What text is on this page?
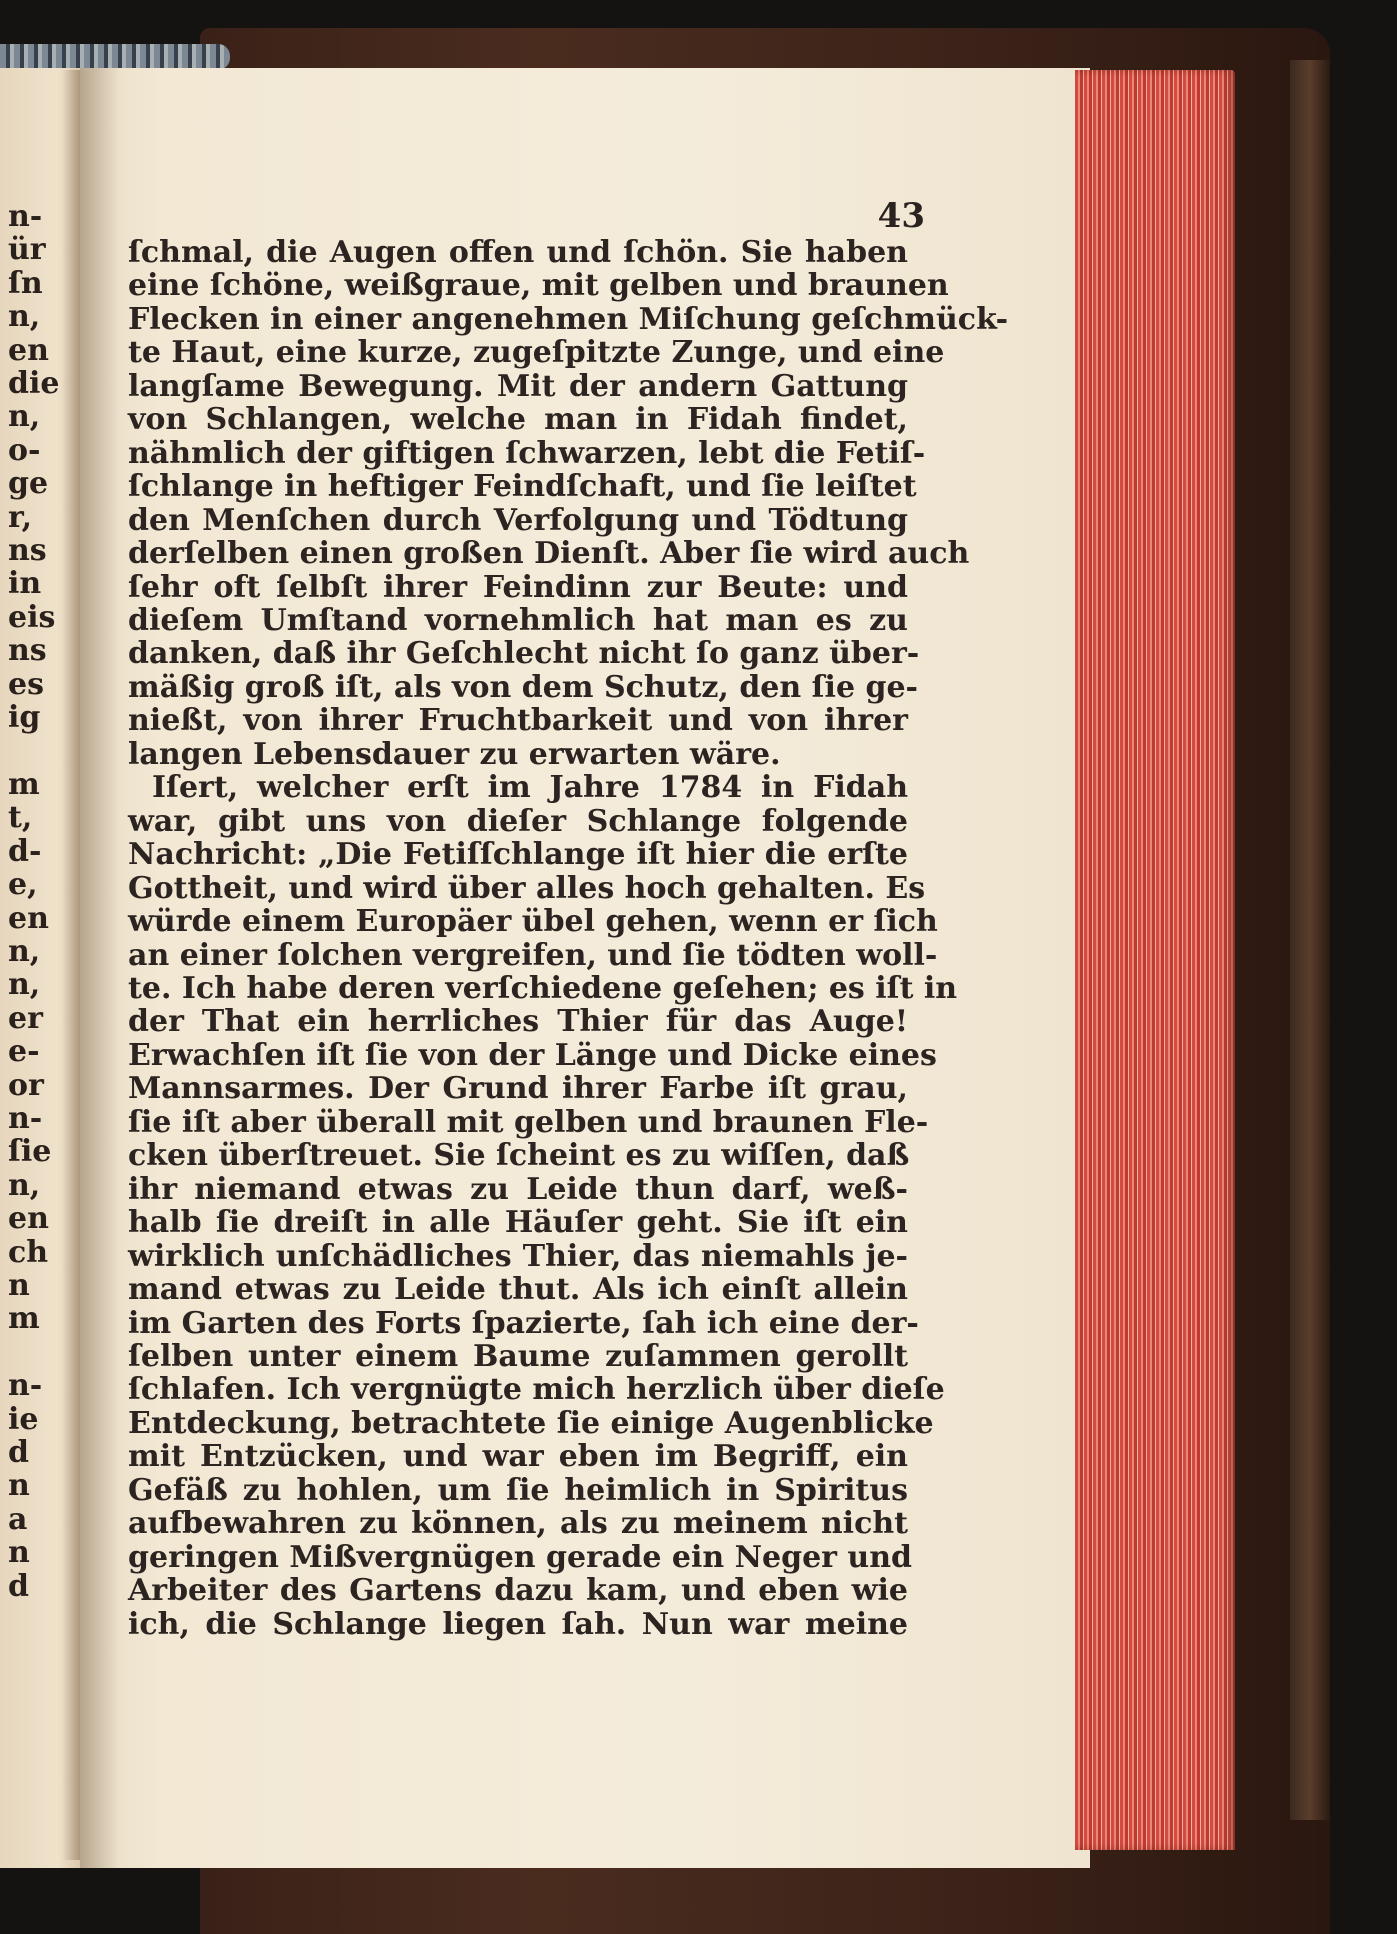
n-
ür
ſn
n,
en
die
n,
o-
ge
r,
ns
in
eis
ns
es
ig

m
t,
d-
e,
en
n,
n,
er
e-
or
n-
ſie
n,
en
ch
n
m

n-
ie
d
n
a
n
d
43
ſchmal, die Augen offen und ſchön. Sie haben
eine ſchöne, weißgraue, mit gelben und braunen
Flecken in einer angenehmen Miſchung geſchmück-
te Haut, eine kurze, zugeſpitzte Zunge, und eine
langſame Bewegung. Mit der andern Gattung
von Schlangen, welche man in Fidah findet,
nähmlich der giftigen ſchwarzen, lebt die Fetiſ-
ſchlange in heftiger Feindſchaft, und ſie leiſtet
den Menſchen durch Verfolgung und Tödtung
derſelben einen großen Dienſt. Aber ſie wird auch
ſehr oft ſelbſt ihrer Feindinn zur Beute: und
dieſem Umſtand vornehmlich hat man es zu
danken, daß ihr Geſchlecht nicht ſo ganz über-
mäßig groß iſt, als von dem Schutz, den ſie ge-
nießt, von ihrer Fruchtbarkeit und von ihrer
langen Lebensdauer zu erwarten wäre.
Iſert, welcher erſt im Jahre 1784 in Fidah
war, gibt uns von dieſer Schlange folgende
Nachricht: „Die Fetiſſchlange iſt hier die erſte
Gottheit, und wird über alles hoch gehalten. Es
würde einem Europäer übel gehen, wenn er ſich
an einer ſolchen vergreifen, und ſie tödten woll-
te. Ich habe deren verſchiedene geſehen; es iſt in
der That ein herrliches Thier für das Auge!
Erwachſen iſt ſie von der Länge und Dicke eines
Mannsarmes. Der Grund ihrer Farbe iſt grau,
ſie iſt aber überall mit gelben und braunen Fle-
cken überſtreuet. Sie ſcheint es zu wiſſen, daß
ihr niemand etwas zu Leide thun darf, weß-
halb ſie dreiſt in alle Häuſer geht. Sie iſt ein
wirklich unſchädliches Thier, das niemahls je-
mand etwas zu Leide thut. Als ich einſt allein
im Garten des Forts ſpazierte, ſah ich eine der-
ſelben unter einem Baume zuſammen gerollt
ſchlafen. Ich vergnügte mich herzlich über dieſe
Entdeckung, betrachtete ſie einige Augenblicke
mit Entzücken, und war eben im Begriff, ein
Gefäß zu hohlen, um ſie heimlich in Spiritus
aufbewahren zu können, als zu meinem nicht
geringen Mißvergnügen gerade ein Neger und
Arbeiter des Gartens dazu kam, und eben wie
ich, die Schlange liegen ſah. Nun war meine
